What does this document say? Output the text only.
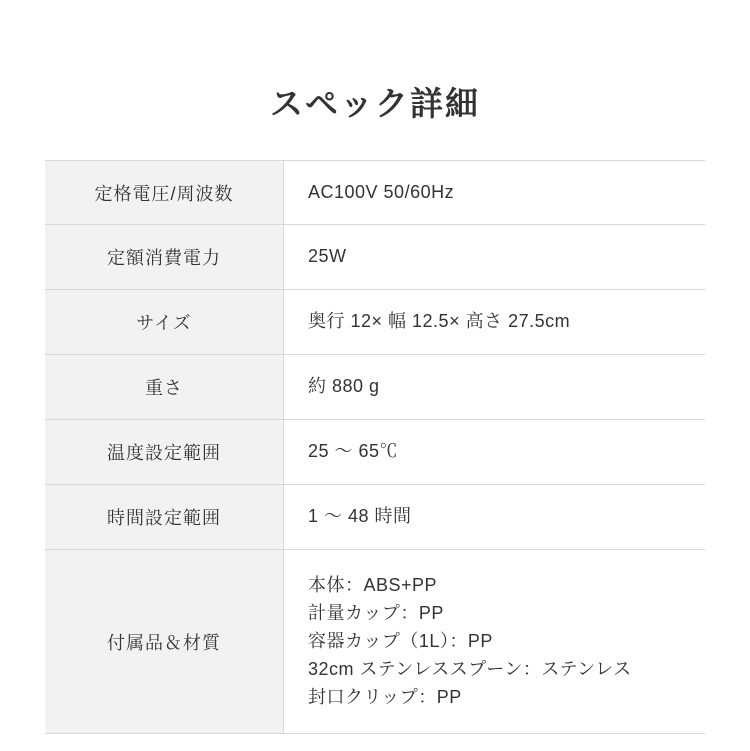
スペック詳細
定格電圧/周波数	AC100V 50/60Hz
定額消費電力	25W
サイズ	奥行 12× 幅 12.5× 高さ 27.5cm
重さ	約 880 g
温度設定範囲	25 ～ 65℃
時間設定範囲	1 ～ 48 時間
付属品＆材質	本体：ABS+PP
計量カップ：PP
容器カップ（1L）：PP
32cm ステンレススプーン：ステンレス
封口クリップ：PP
